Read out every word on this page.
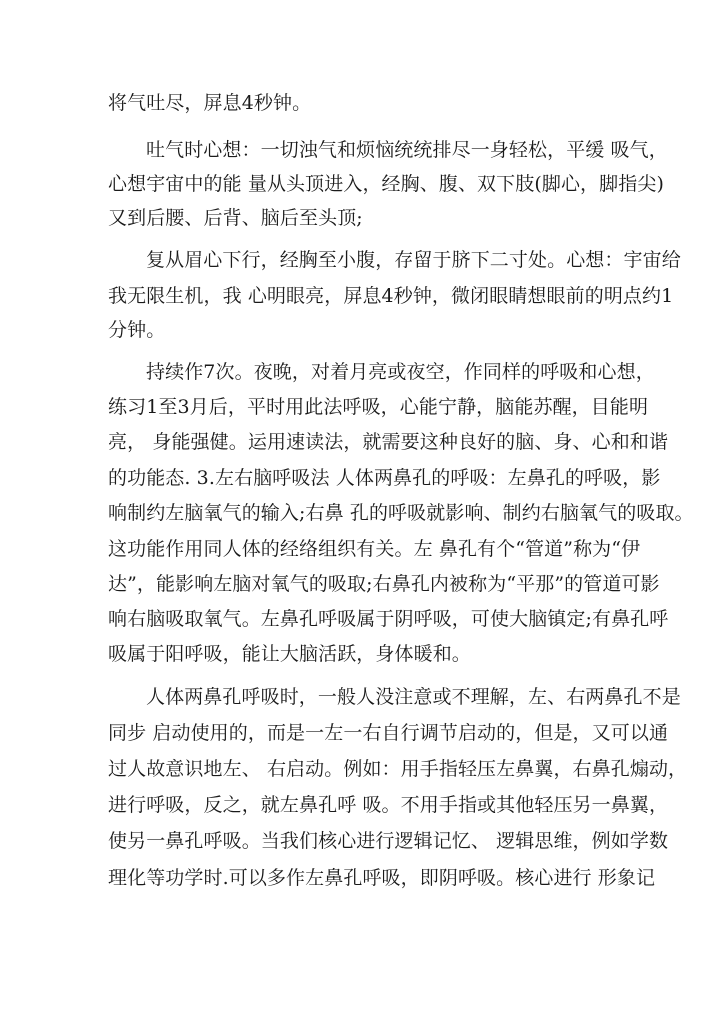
将气吐尽，屏息4秒钟。
吐气时心想：一切浊气和烦恼统统排尽一身轻松，平缓 吸气，
心想宇宙中的能 量从头顶进入，经胸、腹、双下肢(脚心，脚指尖)
又到后腰、后背、脑后至头顶;
复从眉心下行，经胸至小腹，存留于脐下二寸处。心想：宇宙给
我无限生机，我 心明眼亮，屏息4秒钟，微闭眼睛想眼前的明点约1
分钟。
持续作7次。夜晚，对着月亮或夜空，作同样的呼吸和心想，
练习1至3月后，平时用此法呼吸，心能宁静，脑能苏醒，目能明
亮， 身能强健。运用速读法，就需要这种良好的脑、身、心和和谐
的功能态. 3.左右脑呼吸法 人体两鼻孔的呼吸：左鼻孔的呼吸，影
响制约左脑氧气的输入;右鼻 孔的呼吸就影响、制约右脑氧气的吸取。
这功能作用同人体的经络组织有关。左 鼻孔有个“管道”称为“伊
达”，能影响左脑对氧气的吸取;右鼻孔内被称为“平那”的管道可影
响右脑吸取氧气。左鼻孔呼吸属于阴呼吸，可使大脑镇定;有鼻孔呼
吸属于阳呼吸，能让大脑活跃，身体暖和。
人体两鼻孔呼吸时，一般人没注意或不理解，左、右两鼻孔不是
同步 启动使用的，而是一左一右自行调节启动的，但是，又可以通
过人故意识地左、 右启动。例如：用手指轻压左鼻翼，右鼻孔煽动，
进行呼吸，反之，就左鼻孔呼 吸。不用手指或其他轻压另一鼻翼，
使另一鼻孔呼吸。当我们核心进行逻辑记忆、 逻辑思维，例如学数
理化等功学时.可以多作左鼻孔呼吸，即阴呼吸。核心进行 形象记
